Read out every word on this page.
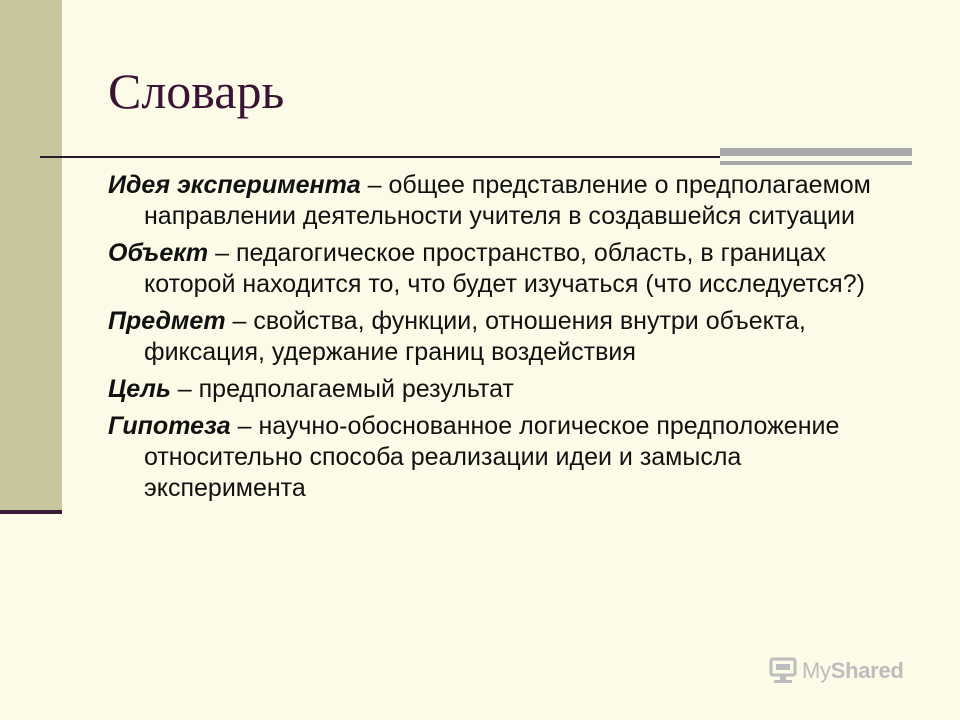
Словарь
Идея эксперимента – общее представление о предполагаемом направлении деятельности учителя в создавшейся ситуации
Объект – педагогическое пространство, область, в границах которой находится то, что будет изучаться (что исследуется?)
Предмет – свойства, функции, отношения внутри объекта, фиксация, удержание границ воздействия
Цель – предполагаемый результат
Гипотеза – научно-обоснованное логическое предположение относительно способа реализации идеи и замысла эксперимента
MyShared
